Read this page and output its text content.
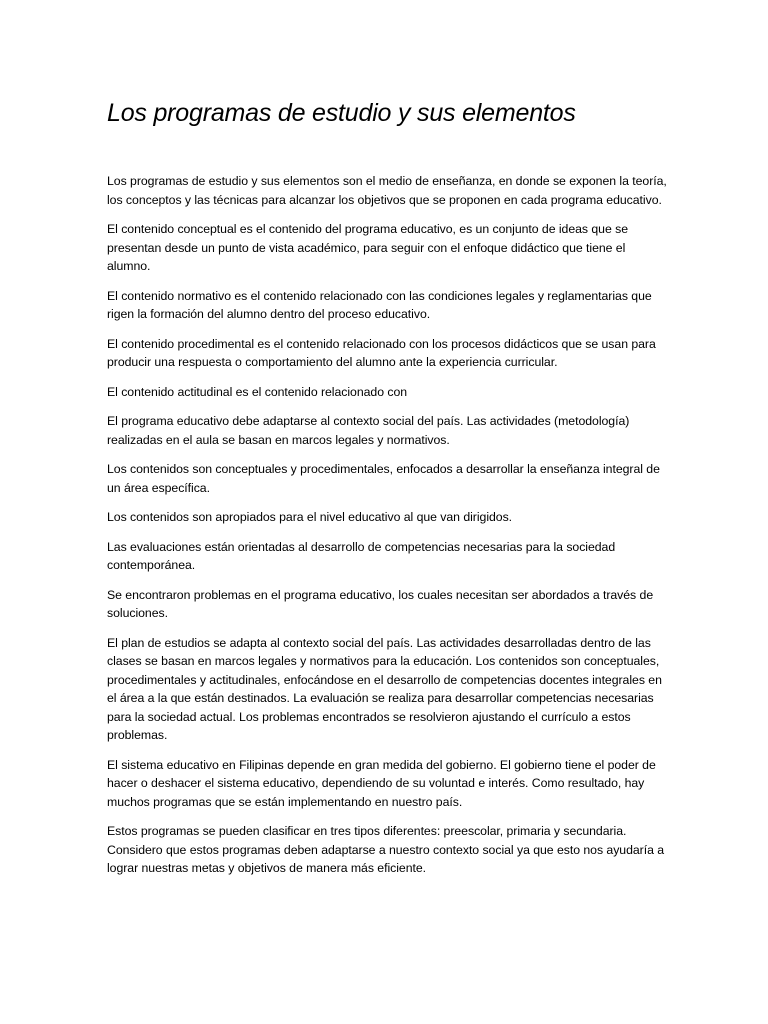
Los programas de estudio y sus elementos

Los programas de estudio y sus elementos son el medio de enseñanza, en donde se exponen la teoría, los conceptos y las técnicas para alcanzar los objetivos que se proponen en cada programa educativo.

El contenido conceptual es el contenido del programa educativo, es un conjunto de ideas que se presentan desde un punto de vista académico, para seguir con el enfoque didáctico que tiene el alumno.

El contenido normativo es el contenido relacionado con las condiciones legales y reglamentarias que rigen la formación del alumno dentro del proceso educativo.

El contenido procedimental es el contenido relacionado con los procesos didácticos que se usan para producir una respuesta o comportamiento del alumno ante la experiencia curricular.

El contenido actitudinal es el contenido relacionado con

El programa educativo debe adaptarse al contexto social del país. Las actividades (metodología) realizadas en el aula se basan en marcos legales y normativos.

Los contenidos son conceptuales y procedimentales, enfocados a desarrollar la enseñanza integral de un área específica.

Los contenidos son apropiados para el nivel educativo al que van dirigidos.

Las evaluaciones están orientadas al desarrollo de competencias necesarias para la sociedad contemporánea.

Se encontraron problemas en el programa educativo, los cuales necesitan ser abordados a través de soluciones.

El plan de estudios se adapta al contexto social del país. Las actividades desarrolladas dentro de las clases se basan en marcos legales y normativos para la educación. Los contenidos son conceptuales, procedimentales y actitudinales, enfocándose en el desarrollo de competencias docentes integrales en el área a la que están destinados. La evaluación se realiza para desarrollar competencias necesarias para la sociedad actual. Los problemas encontrados se resolvieron ajustando el currículo a estos problemas.

El sistema educativo en Filipinas depende en gran medida del gobierno. El gobierno tiene el poder de hacer o deshacer el sistema educativo, dependiendo de su voluntad e interés. Como resultado, hay muchos programas que se están implementando en nuestro país.

Estos programas se pueden clasificar en tres tipos diferentes: preescolar, primaria y secundaria. Considero que estos programas deben adaptarse a nuestro contexto social ya que esto nos ayudaría a lograr nuestras metas y objetivos de manera más eficiente.
